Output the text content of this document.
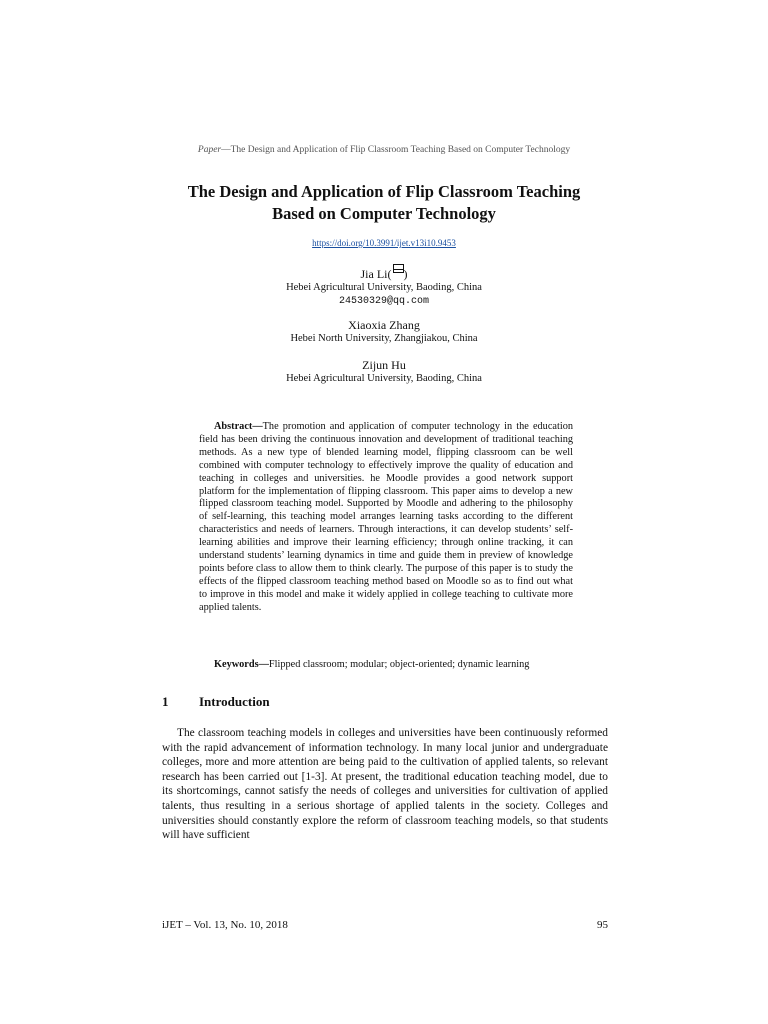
Paper—The Design and Application of Flip Classroom Teaching Based on Computer Technology
The Design and Application of Flip Classroom Teaching
Based on Computer Technology
https://doi.org/10.3991/ijet.v13i10.9453
Jia Li( )
Hebei Agricultural University, Baoding, China
24530329@qq.com
Xiaoxia Zhang
Hebei North University, Zhangjiakou, China
Zijun Hu
Hebei Agricultural University, Baoding, China

Abstract—The promotion and application of computer technology in the education field has been driving the continuous innovation and development of traditional teaching methods. As a new type of blended learning model, flipping classroom can be well combined with computer technology to effectively improve the quality of education and teaching in colleges and universities. he Moodle provides a good network support platform for the implementation of flipping classroom. This paper aims to develop a new flipped classroom teaching model. Supported by Moodle and adhering to the philosophy of self-learning, this teaching model arranges learning tasks according to the different characteristics and needs of learners. Through interactions, it can develop students’ self-learning abilities and improve their learning efficiency; through online tracking, it can understand students’ learning dynamics in time and guide them in preview of knowledge points before class to allow them to think clearly. The purpose of this paper is to study the effects of the flipped classroom teaching method based on Moodle so as to find out what to improve in this model and make it widely applied in college teaching to cultivate more applied talents.

Keywords—Flipped classroom; modular; object-oriented; dynamic learning
1 Introduction

The classroom teaching models in colleges and universities have been continuously reformed with the rapid advancement of information technology. In many local junior and undergraduate colleges, more and more attention are being paid to the cultivation of applied talents, so relevant research has been carried out [1-3]. At present, the traditional education teaching model, due to its shortcomings, cannot satisfy the needs of colleges and universities for cultivation of applied talents, thus resulting in a serious shortage of applied talents in the society. Colleges and universities should constantly explore the reform of classroom teaching models, so that students will have sufficient

iJET – Vol. 13, No. 10, 2018	95
